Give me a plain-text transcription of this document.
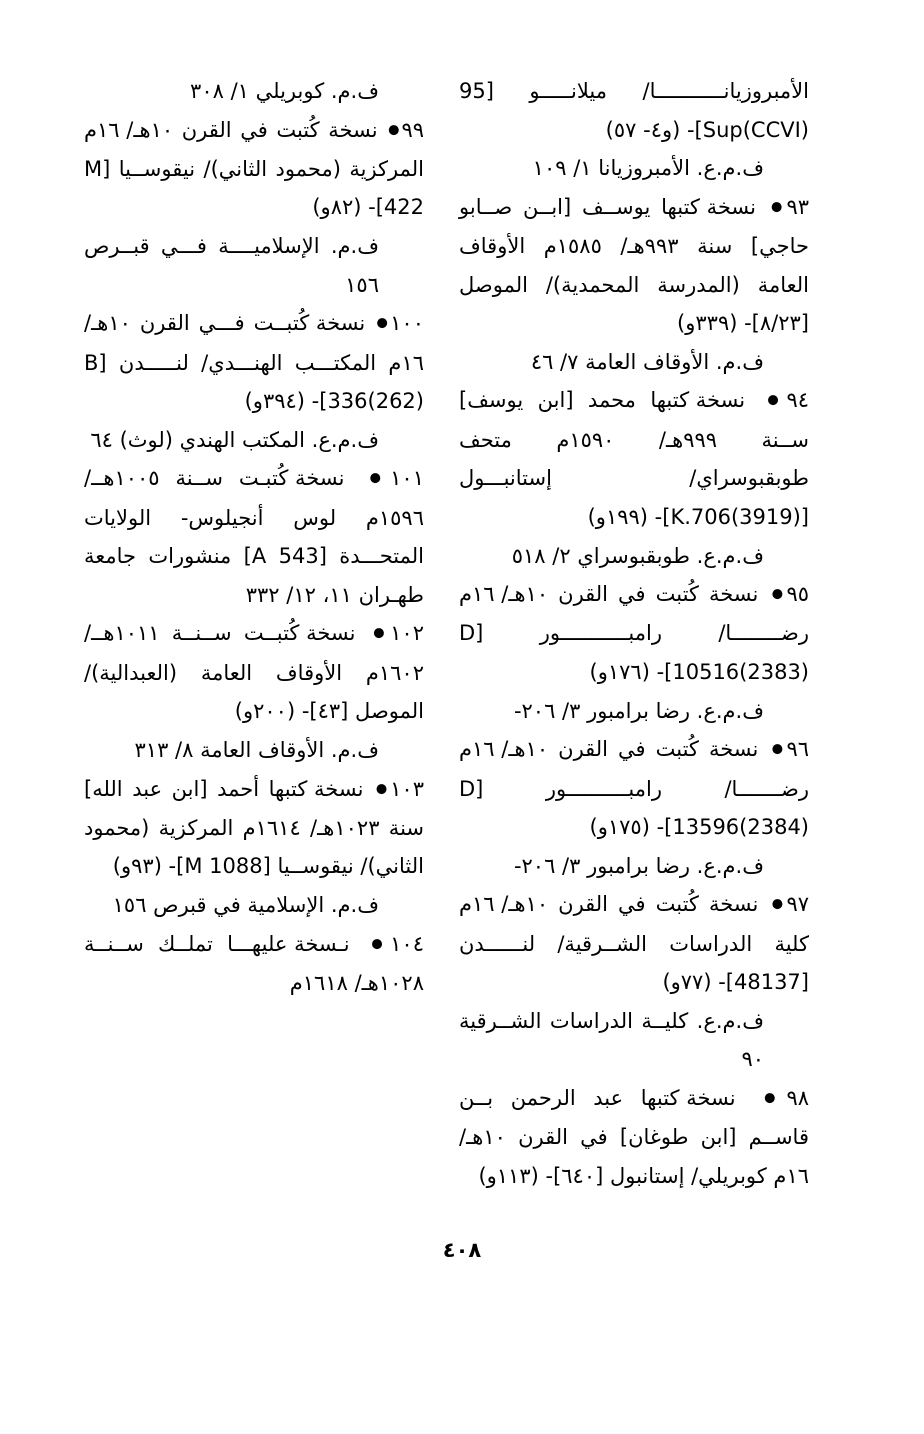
الأمبروزيانـــــــــــا/ ميلانـــــو [95 Sup(CCVI)]- (و٤- ٥٧)

ف.م.ع. الأمبروزيانا ١/ ١٠٩

٩٣● نسخة كتبها يوســف [ابــن صــابو حاجي] سنة ٩٩٣هـ/ ١٥٨٥م الأوقاف العامة (المدرسة المحمدية)/ الموصل [٨/٢٣]- (٣٣٩و)

ف.م. الأوقاف العامة ٧/ ٤٦

٩٤● نسخة كتبها محمد [ابن يوسف] ســنة ٩٩٩هـ/ ١٥٩٠م متحف طوبقبوسراي/ إستانبـــول [K.706(3919)]- (١٩٩و)

ف.م.ع. طوبقبوسراي ٢/ ٥١٨

٩٥● نسخة كُتبت في القرن ١٠هـ/ ١٦م رضــــــــا/ رامبـــــــــــور [D 10516(2383)]- (١٧٦و)

ف.م.ع. رضا برامبور ٣/ ٢٠٦-

٩٦● نسخة كُتبت في القرن ١٠هـ/ ١٦م رضـــــــا/ رامبــــــــــور [D 13596(2384)]- (١٧٥و)

ف.م.ع. رضا برامبور ٣/ ٢٠٦-

٩٧● نسخة كُتبت في القرن ١٠هـ/ ١٦م كلية الدراسات الشــرقية/ لنــــــدن [48137]- (٧٧و)

ف.م.ع. كليــة الدراسات الشــرقية ٩٠

٩٨● نسخة كتبها عبد الرحمن بــن قاســم [ابن طوغان] في القرن ١٠هـ/ ١٦م كوبريلي/ إستانبول [٦٤٠]- (١١٣و)

ف.م. كوبريلي ١/ ٣٠٨

٩٩● نسخة كُتبت في القرن ١٠هـ/ ١٦م المركزية (محمود الثاني)/ نيقوســيا [M 422]- (٨٢و)

ف.م. الإسلاميــــة فـــي قبــرص ١٥٦

١٠٠● نسخة كُتبــت فـــي القرن ١٠هـ/ ١٦م المكتـــب الهنـــدي/ لنـــــدن [B 336(262)]- (٣٩٤و)

ف.م.ع. المكتب الهندي (لوث) ٦٤

١٠١● نسخة كُتبـت ســنة ١٠٠٥هــ/ ١٥٩٦م لوس أنجيلوس- الولايات المتحـــدة [A 543] منشورات جامعة طهـران ١١، ١٢/ ٣٣٢

١٠٢● نسخة كُتبــت ســنــة ١٠١١هــ/ ١٦٠٢م الأوقاف العامة (العبدالية)/ الموصل [٤٣]- (٢٠٠و)

ف.م. الأوقاف العامة ٨/ ٣١٣

١٠٣● نسخة كتبها أحمد [ابن عبد الله] سنة ١٠٢٣هـ/ ١٦١٤م المركزية (محمود الثاني)/ نيقوســيا [M 1088]- (٩٣و)

ف.م. الإسلامية في قبرص ١٥٦

١٠٤● نـسخة عليهـــا تملــك ســنــة ١٠٢٨هـ/ ١٦١٨م

٤٠٨
